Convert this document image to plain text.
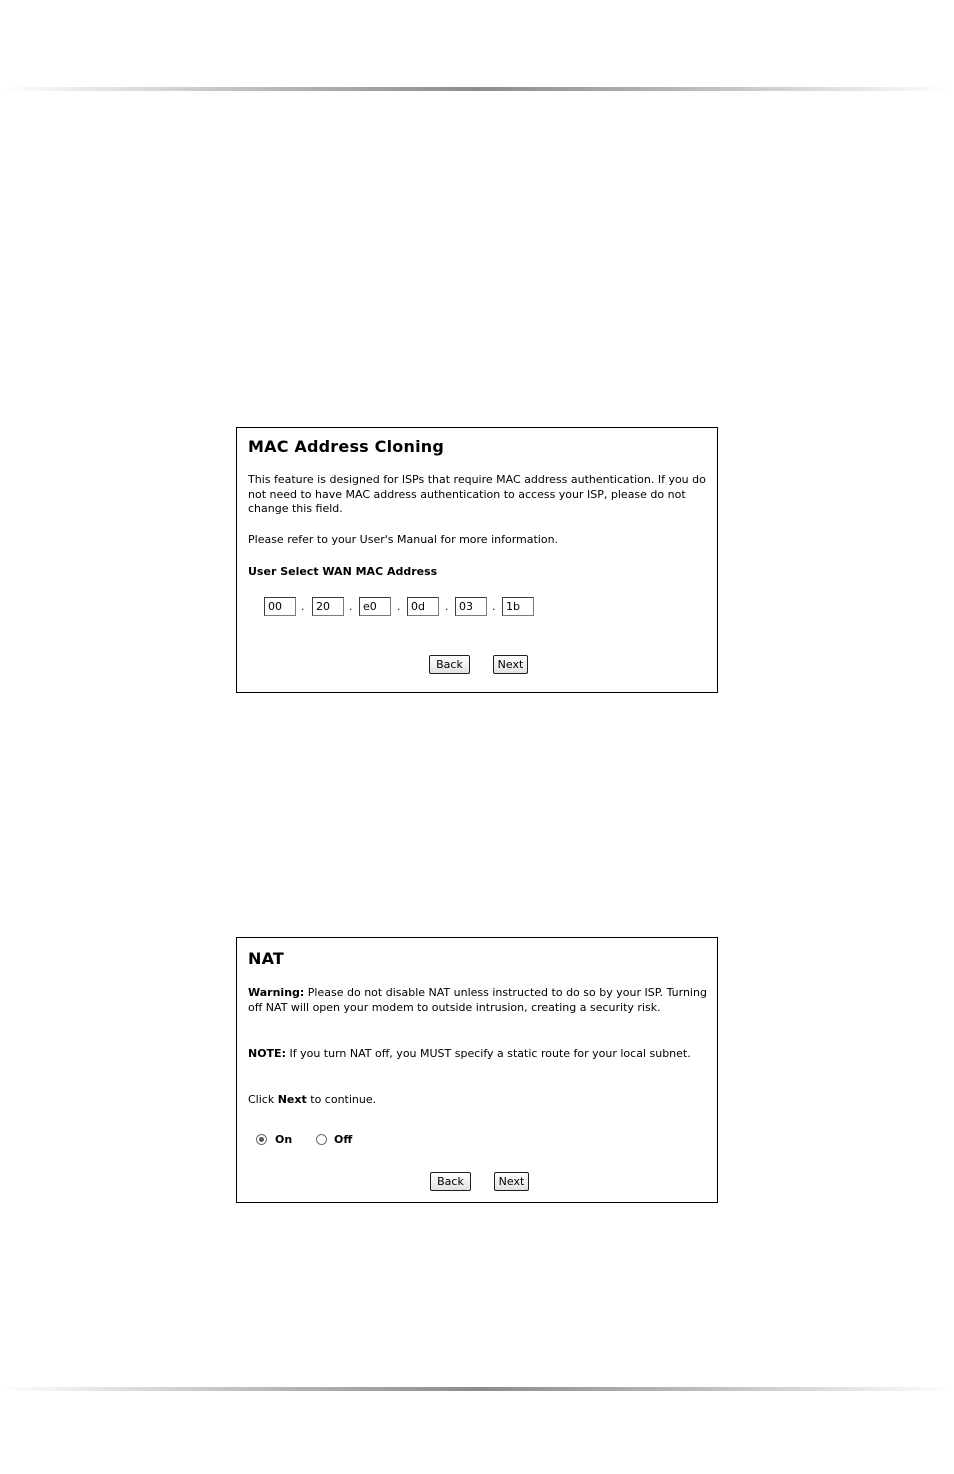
MAC Address Cloning

This feature is designed for ISPs that require MAC address authentication. If you do not need to have MAC address authentication to access your ISP, please do not change this field.

Please refer to your User's Manual for more information.

User Select WAN MAC Address
00
.
20	.
e0	.
0d	.
03	.
1b
Back	Next
NAT

Warning: Please do not disable NAT unless instructed to do so by your ISP. Turning off NAT will open your modem to outside intrusion, creating a security risk.

NOTE: If you turn NAT off, you MUST specify a static route for your local subnet.

Click Next to continue.

On	Off
Back	Next
